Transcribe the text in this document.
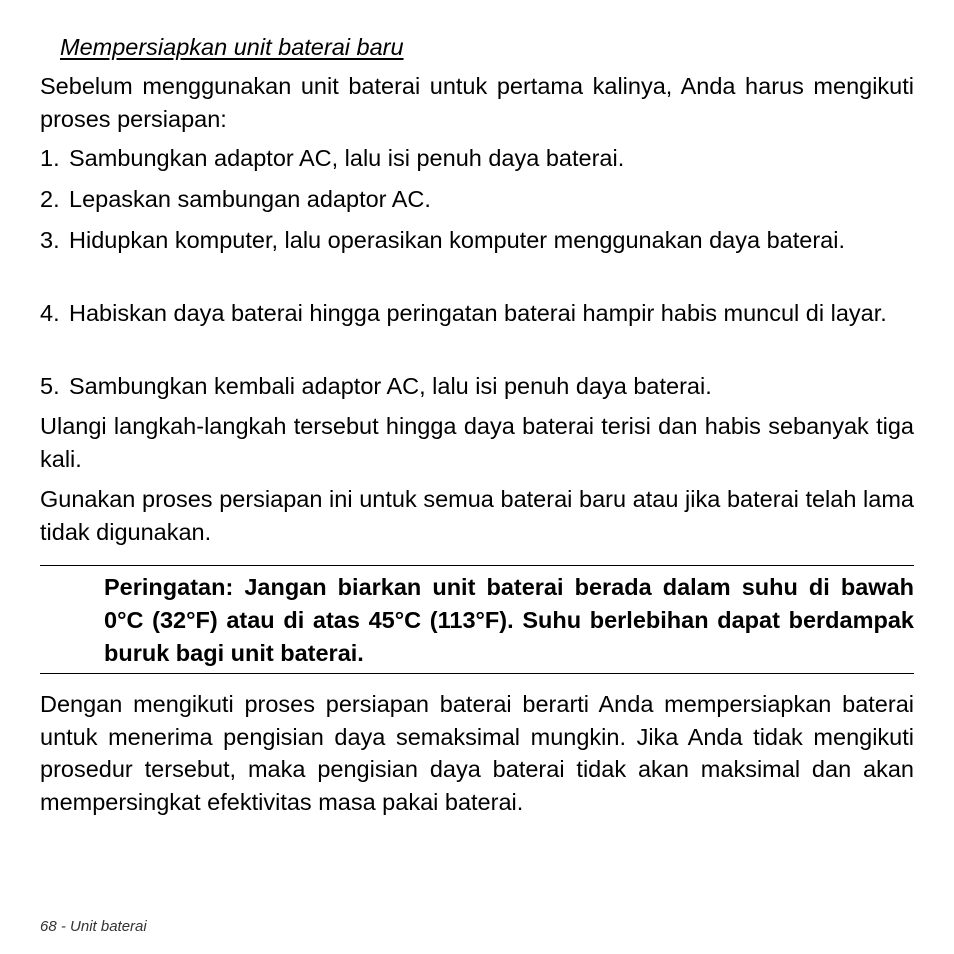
Mempersiapkan unit baterai baru

Sebelum menggunakan unit baterai untuk pertama kalinya, Anda harus mengikuti proses persiapan:

1. Sambungkan adaptor AC, lalu isi penuh daya baterai.
2. Lepaskan sambungan adaptor AC.
3. Hidupkan komputer, lalu operasikan komputer menggunakan daya baterai.
4. Habiskan daya baterai hingga peringatan baterai hampir habis muncul di layar.
5. Sambungkan kembali adaptor AC, lalu isi penuh daya baterai.

Ulangi langkah-langkah tersebut hingga daya baterai terisi dan habis sebanyak tiga kali.

Gunakan proses persiapan ini untuk semua baterai baru atau jika baterai telah lama tidak digunakan.

Peringatan: Jangan biarkan unit baterai berada dalam suhu di bawah 0°C (32°F) atau di atas 45°C (113°F). Suhu berlebihan dapat berdampak buruk bagi unit baterai.

Dengan mengikuti proses persiapan baterai berarti Anda mempersiapkan baterai untuk menerima pengisian daya semaksimal mungkin. Jika Anda tidak mengikuti prosedur tersebut, maka pengisian daya baterai tidak akan maksimal dan akan mempersingkat efektivitas masa pakai baterai.

68 - Unit baterai
